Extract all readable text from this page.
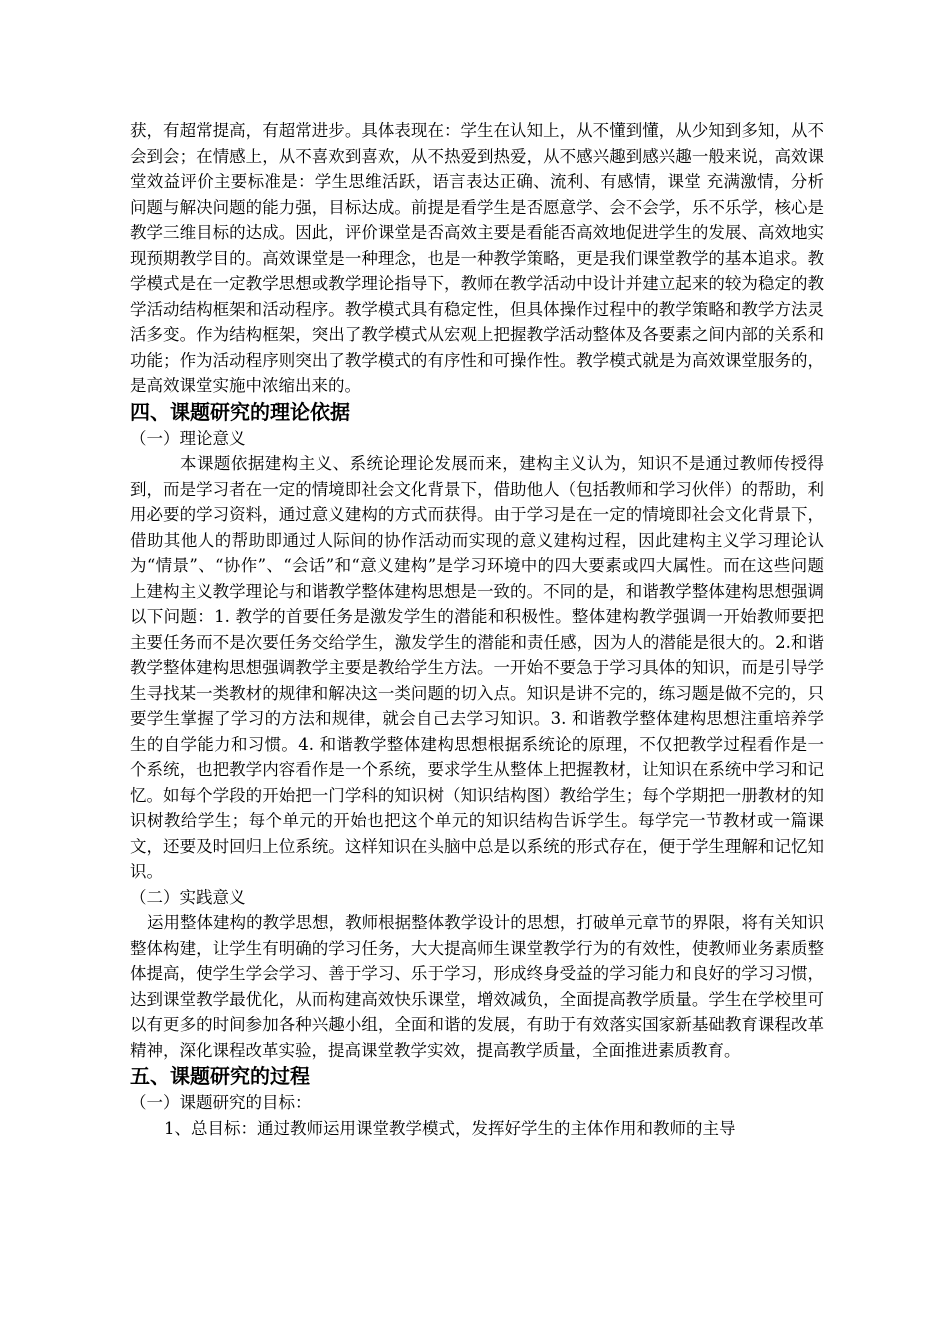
获，有超常提高，有超常进步。具体表现在：学生在认知上，从不懂到懂，从少知到多知，从不会到会；在情感上，从不喜欢到喜欢，从不热爱到热爱，从不感兴趣到感兴趣一般来说，高效课堂效益评价主要标准是：学生思维活跃，语言表达正确、流利、有感情，课堂 充满激情，分析问题与解决问题的能力强，目标达成。前提是看学生是否愿意学、会不会学，乐不乐学，核心是教学三维目标的达成。因此，评价课堂是否高效主要是看能否高效地促进学生的发展、高效地实现预期教学目的。高效课堂是一种理念，也是一种教学策略，更是我们课堂教学的基本追求。教学模式是在一定教学思想或教学理论指导下，教师在教学活动中设计并建立起来的较为稳定的教学活动结构框架和活动程序。教学模式具有稳定性，但具体操作过程中的教学策略和教学方法灵活多变。作为结构框架，突出了教学模式从宏观上把握教学活动整体及各要素之间内部的关系和功能；作为活动程序则突出了教学模式的有序性和可操作性。教学模式就是为高效课堂服务的，是高效课堂实施中浓缩出来的。

四、课题研究的理论依据

（一）理论意义

本课题依据建构主义、系统论理论发展而来，建构主义认为，知识不是通过教师传授得到，而是学习者在一定的情境即社会文化背景下，借助他人（包括教师和学习伙伴）的帮助，利用必要的学习资料，通过意义建构的方式而获得。由于学习是在一定的情境即社会文化背景下，借助其他人的帮助即通过人际间的协作活动而实现的意义建构过程，因此建构主义学习理论认为“情景”、“协作”、“会话”和“意义建构”是学习环境中的四大要素或四大属性。而在这些问题上建构主义教学理论与和谐教学整体建构思想是一致的。不同的是，和谐教学整体建构思想强调以下问题：1. 教学的首要任务是激发学生的潜能和积极性。整体建构教学强调一开始教师要把主要任务而不是次要任务交给学生，激发学生的潜能和责任感，因为人的潜能是很大的。2.和谐教学整体建构思想强调教学主要是教给学生方法。一开始不要急于学习具体的知识，而是引导学生寻找某一类教材的规律和解决这一类问题的切入点。知识是讲不完的，练习题是做不完的，只要学生掌握了学习的方法和规律，就会自己去学习知识。3. 和谐教学整体建构思想注重培养学生的自学能力和习惯。4. 和谐教学整体建构思想根据系统论的原理，不仅把教学过程看作是一个系统，也把教学内容看作是一个系统，要求学生从整体上把握教材，让知识在系统中学习和记忆。如每个学段的开始把一门学科的知识树（知识结构图）教给学生；每个学期把一册教材的知识树教给学生；每个单元的开始也把这个单元的知识结构告诉学生。每学完一节教材或一篇课文，还要及时回归上位系统。这样知识在头脑中总是以系统的形式存在，便于学生理解和记忆知识。

（二）实践意义

运用整体建构的教学思想，教师根据整体教学设计的思想，打破单元章节的界限，将有关知识整体构建，让学生有明确的学习任务，大大提高师生课堂教学行为的有效性，使教师业务素质整体提高，使学生学会学习、善于学习、乐于学习，形成终身受益的学习能力和良好的学习习惯，达到课堂教学最优化，从而构建高效快乐课堂，增效减负，全面提高教学质量。学生在学校里可以有更多的时间参加各种兴趣小组，全面和谐的发展，有助于有效落实国家新基础教育课程改革精神，深化课程改革实验，提高课堂教学实效，提高教学质量，全面推进素质教育。

五、课题研究的过程

（一）课题研究的目标：

1、总目标：通过教师运用课堂教学模式，发挥好学生的主体作用和教师的主导
